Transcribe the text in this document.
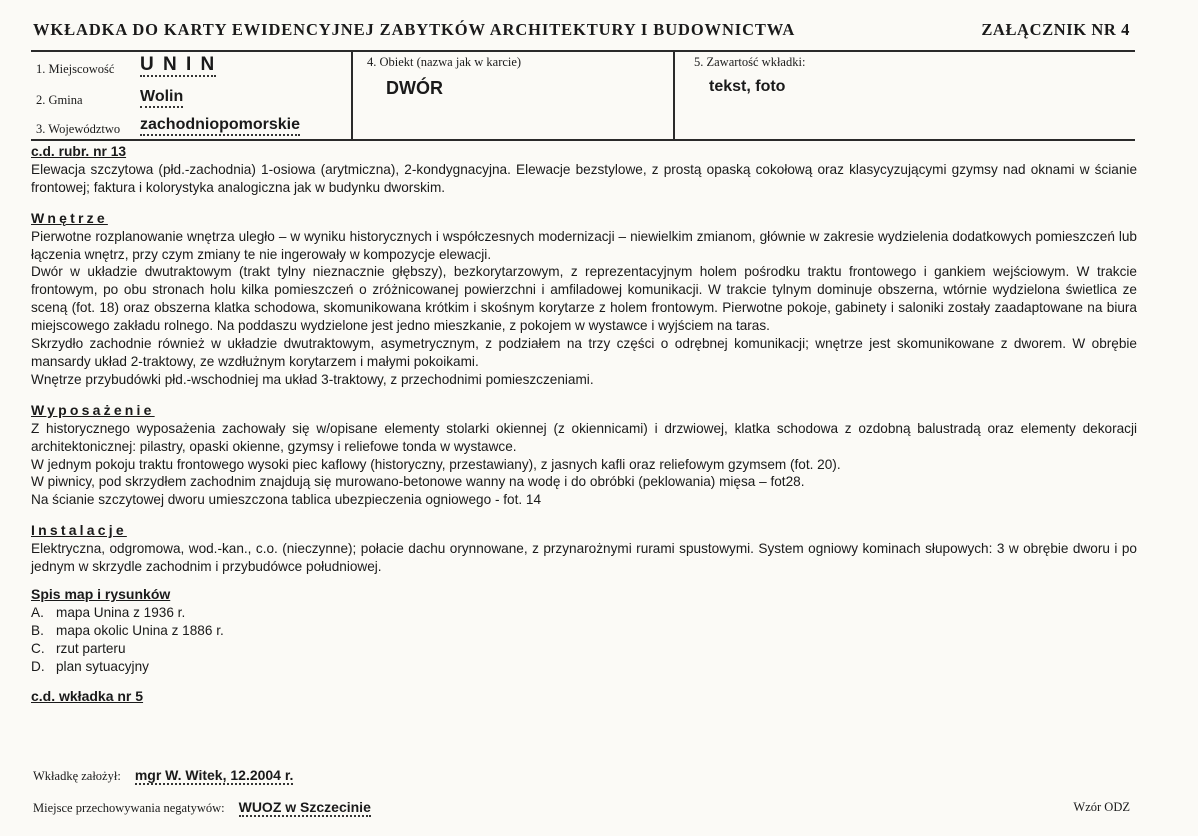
WKŁADKA DO KARTY EWIDENCYJNEJ ZABYTKÓW ARCHITEKTURY I BUDOWNICTWA	ZAŁĄCZNIK NR 4
1. Miejscowość U N I N
2. Gmina	Wolin
3. Województwo zachodniopomorskie
4. Obiekt (nazwa jak w karcie)
DWÓR
5. Zawartość wkładki:
tekst, foto

c.d. rubr. nr 13

Elewacja szczytowa (płd.-zachodnia) 1-osiowa (arytmiczna), 2-kondygnacyjna. Elewacje bezstylowe, z prostą opaską cokołową oraz klasycyzującymi gzymsy nad oknami w ścianie frontowej; faktura i kolorystyka analogiczna jak w budynku dworskim.

Wnętrze

Pierwotne rozplanowanie wnętrza uległo – w wyniku historycznych i współczesnych modernizacji – niewielkim zmianom, głównie w zakresie wydzielenia dodatkowych pomieszczeń lub łączenia wnętrz, przy czym zmiany te nie ingerowały w kompozycje elewacji.

Dwór w układzie dwutraktowym (trakt tylny nieznacznie głębszy), bezkorytarzowym, z reprezentacyjnym holem pośrodku traktu frontowego i gankiem wejściowym. W trakcie frontowym, po obu stronach holu kilka pomieszczeń o zróżnicowanej powierzchni i amfiladowej komunikacji. W trakcie tylnym dominuje obszerna, wtórnie wydzielona świetlica ze sceną (fot. 18) oraz obszerna klatka schodowa, skomunikowana krótkim i skośnym korytarze z holem frontowym. Pierwotne pokoje, gabinety i saloniki zostały zaadaptowane na biura miejscowego zakładu rolnego. Na poddaszu wydzielone jest jedno mieszkanie, z pokojem w wystawce i wyjściem na taras.

Skrzydło zachodnie również w układzie dwutraktowym, asymetrycznym, z podziałem na trzy części o odrębnej komunikacji; wnętrze jest skomunikowane z dworem. W obrębie mansardy układ 2-traktowy, ze wzdłużnym korytarzem i małymi pokoikami.

Wnętrze przybudówki płd.-wschodniej ma układ 3-traktowy, z przechodnimi pomieszczeniami.

Wyposażenie

Z historycznego wyposażenia zachowały się w/opisane elementy stolarki okiennej (z okiennicami) i drzwiowej, klatka schodowa z ozdobną balustradą oraz elementy dekoracji architektonicznej: pilastry, opaski okienne, gzymsy i reliefowe tonda w wystawce.

W jednym pokoju traktu frontowego wysoki piec kaflowy (historyczny, przestawiany), z jasnych kafli oraz reliefowym gzymsem (fot. 20).

W piwnicy, pod skrzydłem zachodnim znajdują się murowano-betonowe wanny na wodę i do obróbki (peklowania) mięsa – fot28.

Na ścianie szczytowej dworu umieszczona tablica ubezpieczenia ogniowego - fot. 14

Instalacje

Elektryczna, odgromowa, wod.-kan., c.o. (nieczynne); połacie dachu orynnowane, z przynarożnymi rurami spustowymi. System ogniowy kominach słupowych: 3 w obrębie dworu i po jednym w skrzydle zachodnim i przybudówce południowej.

Spis map i rysunków

A. mapa Unina z 1936 r.
B. mapa okolic Unina z 1886 r.
C. rzut parteru
D. plan sytuacyjny

c.d. wkładka nr 5

Wkładkę założył: mgr W. Witek, 12.2004 r.
Miejsce przechowywania negatywów: WUOZ w Szczecinie	Wzór ODZ
